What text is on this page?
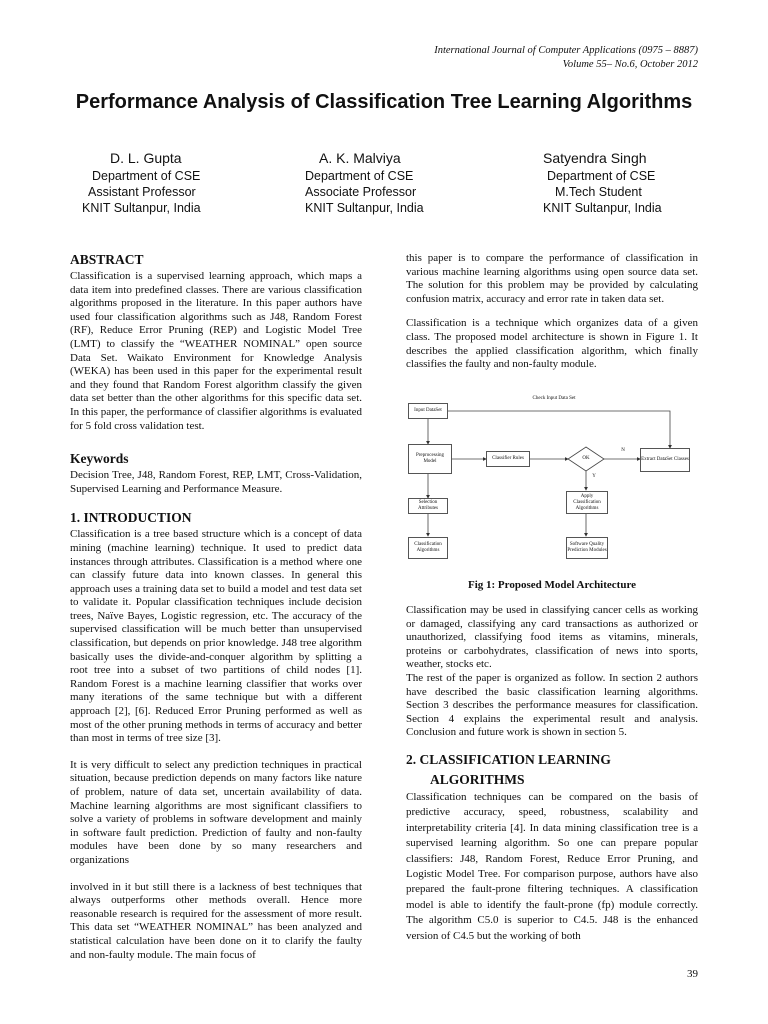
International Journal of Computer Applications (0975 – 8887)
Volume 55– No.6, October 2012
Performance Analysis of Classification Tree Learning Algorithms
D. L. Gupta
Department of CSE
Assistant Professor
KNIT Sultanpur, India
A. K. Malviya
Department of CSE
Associate Professor
KNIT Sultanpur, India
Satyendra Singh
Department of CSE
M.Tech Student
KNIT Sultanpur, India
ABSTRACT

Classification is a supervised learning approach, which maps a data item into predefined classes. There are various classification algorithms proposed in the literature. In this paper authors have used four classification algorithms such as J48, Random Forest (RF), Reduce Error Pruning (REP) and Logistic Model Tree (LMT) to classify the “WEATHER NOMINAL” open source Data Set. Waikato Environment for Knowledge Analysis (WEKA) has been used in this paper for the experimental result and they found that Random Forest algorithm classify the given data set better than the other algorithms for this specific data set. In this paper, the performance of classifier algorithms is evaluated for 5 fold cross validation test.

Keywords

Decision Tree, J48, Random Forest, REP, LMT, Cross-Validation, Supervised Learning and Performance Measure.

1. INTRODUCTION

Classification is a tree based structure which is a concept of data mining (machine learning) technique. It used to predict data instances through attributes. Classification is a method where one can classify future data into known classes. In general this approach uses a training data set to build a model and test data set to validate it. Popular classification techniques include decision trees, Naïve Bayes, Logistic regression, etc. The accuracy of the supervised classification will be much better than unsupervised classification, but depends on prior knowledge. J48 tree algorithm basically uses the divide-and-conquer algorithm by splitting a root tree into a subset of two partitions of child nodes [1]. Random Forest is a machine learning classifier that works over many iterations of the same technique but with a different approach [2], [6]. Reduced Error Pruning performed as well as most of the other pruning methods in terms of accuracy and better than most in terms of tree size [3].

It is very difficult to select any prediction techniques in practical situation, because prediction depends on many factors like nature of problem, nature of data set, uncertain availability of data. Machine learning algorithms are most significant classifiers to solve a variety of problems in software development and mainly in software fault prediction. Prediction of faulty and non-faulty modules have been done by so many researchers and organizations

involved in it but still there is a lackness of best techniques that always outperforms other methods overall. Hence more reasonable research is required for the assessment of more result. This data set “WEATHER NOMINAL” has been analyzed and statistical calculation have been done on it to clarify the faulty and non-faulty module. The main focus of

this paper is to compare the performance of classification in various machine learning algorithms using open source data set. The solution for this problem may be provided by calculating confusion matrix, accuracy and error rate in taken data set.

Classification is a technique which organizes data of a given class. The proposed model architecture is shown in Figure 1. It describes the applied classification algorithm, which finally classifies the faulty and non-faulty module.

Check Input Data Set
Input DataSet
Preprocessing Model
Classifier Rules	OK	Extract DataSet Classes
N
Y
Selection Attributes
Apply Classification Algorithms
Classification Algorithms
Software Quality Prediction Modules
Fig 1: Proposed Model Architecture

Classification may be used in classifying cancer cells as working or damaged, classifying any card transactions as authorized or unauthorized, classifying food items as vitamins, minerals, proteins or carbohydrates, classification of news into sports, weather, stocks etc.

The rest of the paper is organized as follow. In section 2 authors have described the basic classification learning algorithms. Section 3 describes the performance measures for classification. Section 4 explains the experimental result and analysis. Conclusion and future work is shown in section 5.

2. CLASSIFICATION LEARNING
ALGORITHMS

Classification techniques can be compared on the basis of predictive accuracy, speed, robustness, scalability and interpretability criteria [4]. In data mining classification tree is a supervised learning algorithm. So one can prepare popular classifiers: J48, Random Forest, Reduce Error Pruning, and Logistic Model Tree. For comparison purpose, authors have also prepared the fault-prone filtering techniques. A classification model is able to identify the fault-prone (fp) module correctly. The algorithm C5.0 is superior to C4.5. J48 is the enhanced version of C4.5 but the working of both

39
